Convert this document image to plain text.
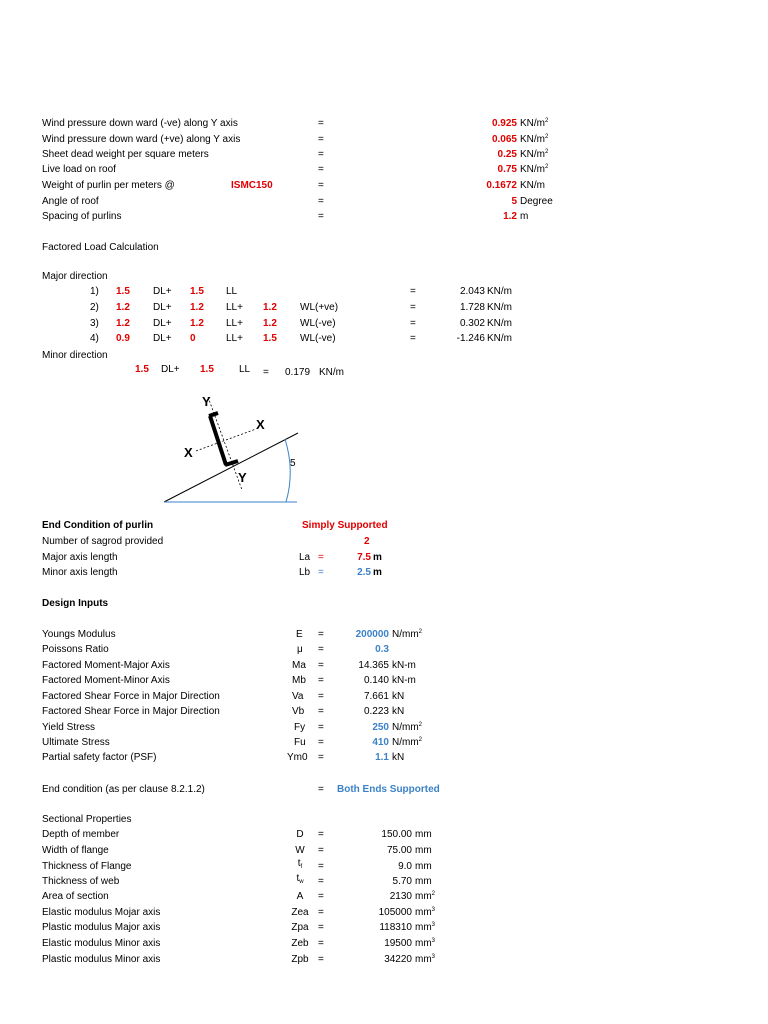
Wind pressure down ward (-ve) along Y axis	=	0.925 $KN/m^2$
Wind pressure down ward (+ve) along Y axis	=	0.065 $KN/m^2$
Sheet dead weight per square meters	=	0.25 $KN/m^2$
Live load on roof	=	0.75 $KN/m^2$
Weight of purlin per meters @	ISMC150	=	0.1672 KN/m
Angle of roof	=	5 Degree
Spacing of purlins	=	1.2 m
Factored Load Calculation
Major direction
1) 1.5 DL+ 1.5 LL	=	2.043 KN/m
2) 1.2 DL+ 1.2 LL+ 1.2 WL(+ve)	=	1.728 KN/m
3) 1.2 DL+ 1.2 LL+ 1.2 WL(-ve)	=	0.302 KN/m
4) 0.9 DL+ 0	LL+ 1.5 WL(-ve)	=	-1.246 KN/m
Minor direction
1.5 DL+ 1.5	LL = 0.179 KN/m
Y
X
X
Y
5
End Condition of purlin	Simply Supported
Number of sagrod provided	2
Major axis length	La =	7.5 m
Minor axis length	Lb =	2.5 m
Design Inputs
Youngs Modulus	E =	200000 $N/mm^2$
Poissons Ratio	μ =	0.3
Factored Moment-Major Axis	Ma =	14.365 kN-m
Factored Moment-Minor Axis	Mb =	0.140 kN-m
Factored Shear Force in Major Direction	Va =	7.661 kN
Factored Shear Force in Major Direction	Vb =	0.223 kN
Yield Stress	Fy =	250 $N/mm^2$
Ultimate Stress	Fu =	410 $N/mm^2$
Partial safety factor (PSF)	Ym0 =	1.1 kN
End condition (as per clause 8.2.1.2)	= Both Ends Supported
Sectional Properties
Depth of member	D	=	150.00 mm
Width of flange	W	=	75.00 mm
Thickness of Flange	$t_f$	=	9.0 mm
Thickness of web	$t_w$	=	5.70 mm
Area of section	A	=	2130 $mm^2$
Elastic modulus Mojar axis	Zea =	105000 $mm^3$
Plastic modulus Major axis	Zpa =	118310 $mm^3$
Elastic modulus Minor axis	Zeb =	19500 $mm^3$
Plastic modulus Minor axis	Zpb =	34220 $mm^3$
